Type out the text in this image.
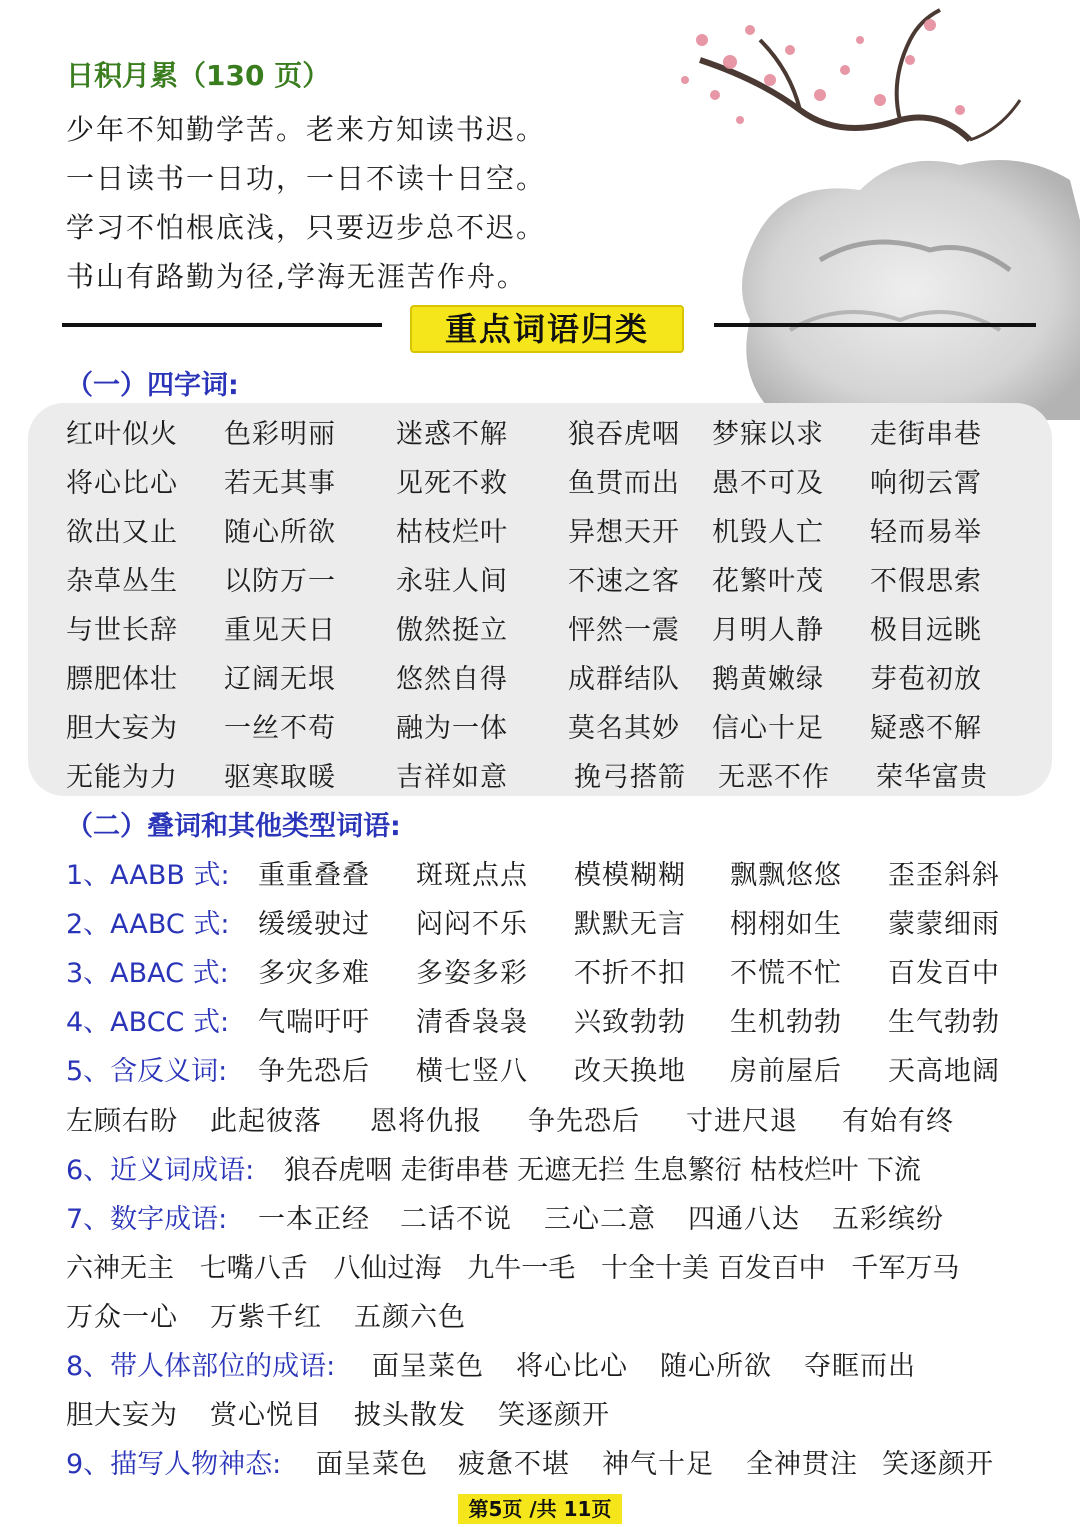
日积月累（130 页）
少年不知勤学苦。老来方知读书迟。
一日读书一日功，一日不读十日空。
学习不怕根底浅，只要迈步总不迟。
书山有路勤为径,学海无涯苦作舟。
重点词语归类
（一）四字词:
红叶似火 色彩明丽 迷惑不解 狼吞虎咽 梦寐以求 走街串巷
将心比心 若无其事 见死不救 鱼贯而出 愚不可及 响彻云霄
欲出又止 随心所欲 枯枝烂叶 异想天开 机毁人亡 轻而易举
杂草丛生 以防万一 永驻人间 不速之客 花繁叶茂 不假思索
与世长辞 重见天日 傲然挺立 怦然一震 月明人静 极目远眺
膘肥体壮 辽阔无垠 悠然自得 成群结队 鹅黄嫩绿 芽苞初放
胆大妄为 一丝不苟 融为一体 莫名其妙 信心十足 疑惑不解
无能为力 驱寒取暖 吉祥如意 挽弓搭箭 无恶不作 荣华富贵
（二）叠词和其他类型词语:
1、AABB 式: 重重叠叠 斑斑点点 模模糊糊 飘飘悠悠 歪歪斜斜
2、AABC 式: 缓缓驶过 闷闷不乐 默默无言 栩栩如生 蒙蒙细雨
3、ABAC 式: 多灾多难 多姿多彩 不折不扣 不慌不忙 百发百中
4、ABCC 式: 气喘吁吁 清香袅袅 兴致勃勃 生机勃勃 生气勃勃
5、含反义词: 争先恐后 横七竖八 改天换地 房前屋后 天高地阔
左顾右盼 此起彼落 恩将仇报 争先恐后 寸进尺退 有始有终
6、近义词成语: 狼吞虎咽 走街串巷 无遮无拦 生息繁衍 枯枝烂叶 下流
7、数字成语: 一本正经 二话不说 三心二意 四通八达 五彩缤纷
六神无主   七嘴八舌   八仙过海   九牛一毛   十全十美 百发百中   千军万马
万众一心 万紫千红 五颜六色
8、带人体部位的成语: 面呈菜色 将心比心 随心所欲 夺眶而出
胆大妄为 赏心悦目 披头散发 笑逐颜开
9、描写人物神态: 面呈菜色 疲惫不堪 神气十足 全神贯注 笑逐颜开
第5页 /共 11页
